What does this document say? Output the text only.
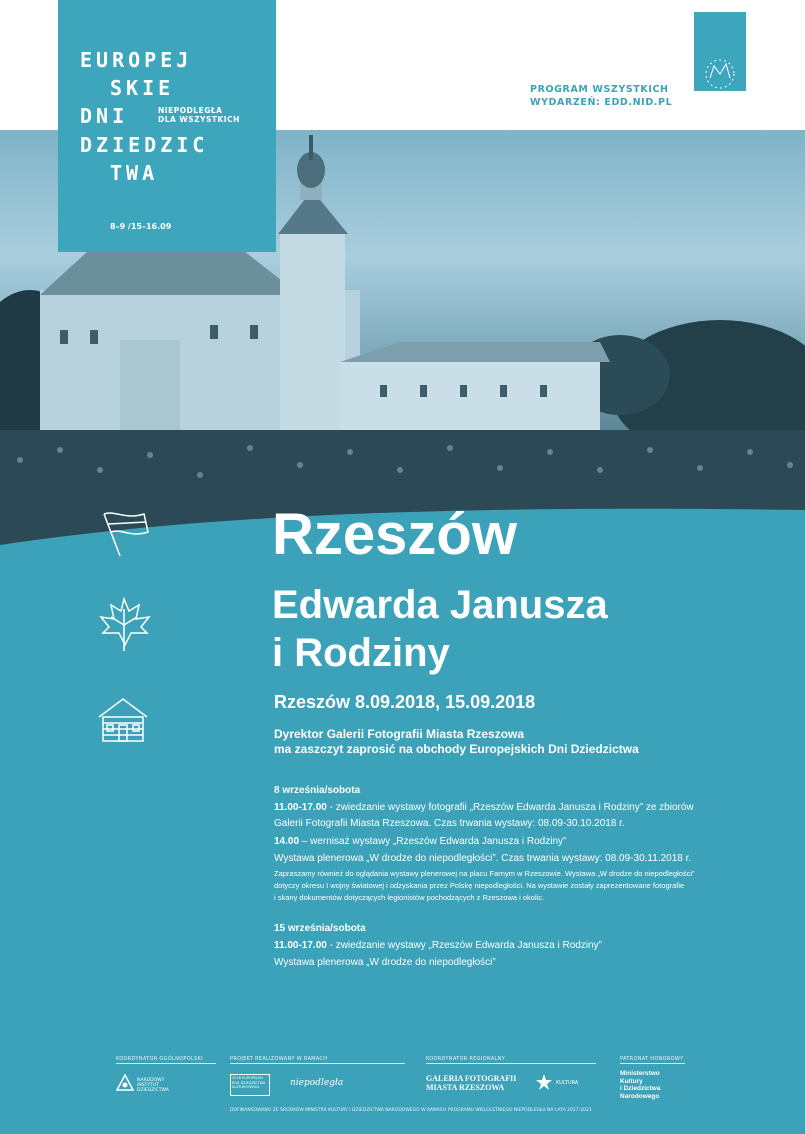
EUROPEJ
SKIE
DNI	NIEPODLEGŁA
DLA WSZYSTKICH
DZIEDZIC
TWA
8–9 /15–16.09
PROGRAM WSZYSTKICH
WYDARZEŃ: EDD.NID.PL
Rzeszów
Edwarda Janusza
i Rodziny
Rzeszów 8.09.2018, 15.09.2018
Dyrektor Galerii Fotografii Miasta Rzeszowa
ma zaszczyt zaprosić na obchody Europejskich Dni Dziedzictwa
8 września/sobota
11.00-17.00 - zwiedzanie wystawy fotografii „Rzeszów Edwarda Janusza i Rodziny” ze zbiorów
Galerii Fotografii Miasta Rzeszowa. Czas trwania wystawy: 08.09-30.10.2018 r.
14.00 – wernisaż wystawy „Rzeszów Edwarda Janusza i Rodziny”
Wystawa plenerowa „W drodze do niepodległości”. Czas trwania wystawy: 08.09-30.11.2018 r.
Zapraszamy również do oglądania wystawy plenerowej na placu Farnym w Rzeszowie. Wystawa „W drodze do niepodległości”
dotyczy okresu I wojny światowej i odzyskania przez Polskę niepodległości. Na wystawie zostały zaprezentowane fotografie
i skany dokumentów dotyczących legionistów pochodzących z Rzeszowa i okolic.
15 września/sobota
11.00-17.00 - zwiedzanie wystawy „Rzeszów Edwarda Janusza i Rodziny”
Wystawa plenerowa „W drodze do niepodległości”
KOORDYNATOR OGÓLNOPOLSKI	PROJEKT REALIZOWANY W RAMACH	KOORDYNATOR REGIONALNY	PATRONAT HONOROWY
NARODOWY INSTYTUT DZIEDZICTWA
2018 EUROPEJSKI ROK DZIEDZICTWA KULTUROWEGO	niepodległa	GALERIA FOTOGRAFII
MIASTA RZESZOWA	KULTURA
Ministerstwo
Kultury
i Dziedzictwa
Narodowego
DOFINANSOWANO ZE ŚRODKÓW MINISTRA KULTURY I DZIEDZICTWA NARODOWEGO W RAMACH PROGRAMU WIELOLETNIEGO NIEPODLEGŁA NA LATA 2017-2021
